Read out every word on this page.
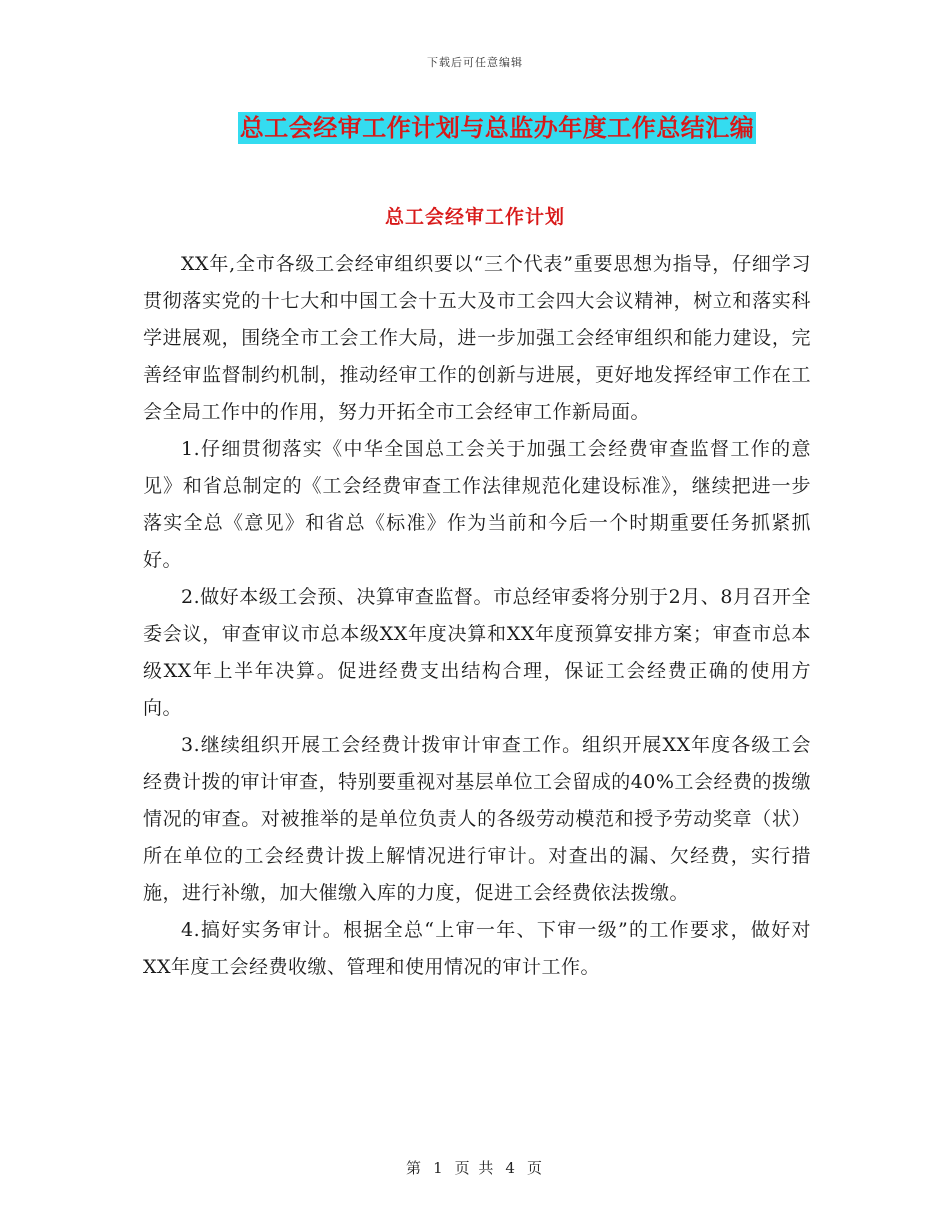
下载后可任意编辑
总工会经审工作计划与总监办年度工作总结汇编
总工会经审工作计划

XX年,全市各级工会经审组织要以“三个代表”重要思想为指导，仔细学习贯彻落实党的十七大和中国工会十五大及市工会四大会议精神，树立和落实科学进展观，围绕全市工会工作大局，进一步加强工会经审组织和能力建设，完善经审监督制约机制，推动经审工作的创新与进展，更好地发挥经审工作在工会全局工作中的作用，努力开拓全市工会经审工作新局面。

1.仔细贯彻落实《中华全国总工会关于加强工会经费审查监督工作的意见》和省总制定的《工会经费审查工作法律规范化建设标准》，继续把进一步落实全总《意见》和省总《标准》作为当前和今后一个时期重要任务抓紧抓好。

2.做好本级工会预、决算审查监督。市总经审委将分别于2月、8月召开全委会议，审查审议市总本级XX年度决算和XX年度预算安排方案；审查市总本级XX年上半年决算。促进经费支出结构合理，保证工会经费正确的使用方向。

3.继续组织开展工会经费计拨审计审查工作。组织开展XX年度各级工会经费计拨的审计审查，特别要重视对基层单位工会留成的40%工会经费的拨缴情况的审查。对被推举的是单位负责人的各级劳动模范和授予劳动奖章（状）所在单位的工会经费计拨上解情况进行审计。对查出的漏、欠经费，实行措施，进行补缴，加大催缴入库的力度，促进工会经费依法拨缴。

4.搞好实务审计。根据全总“上审一年、下审一级”的工作要求，做好对XX年度工会经费收缴、管理和使用情况的审计工作。

第 1 页 共 4 页
